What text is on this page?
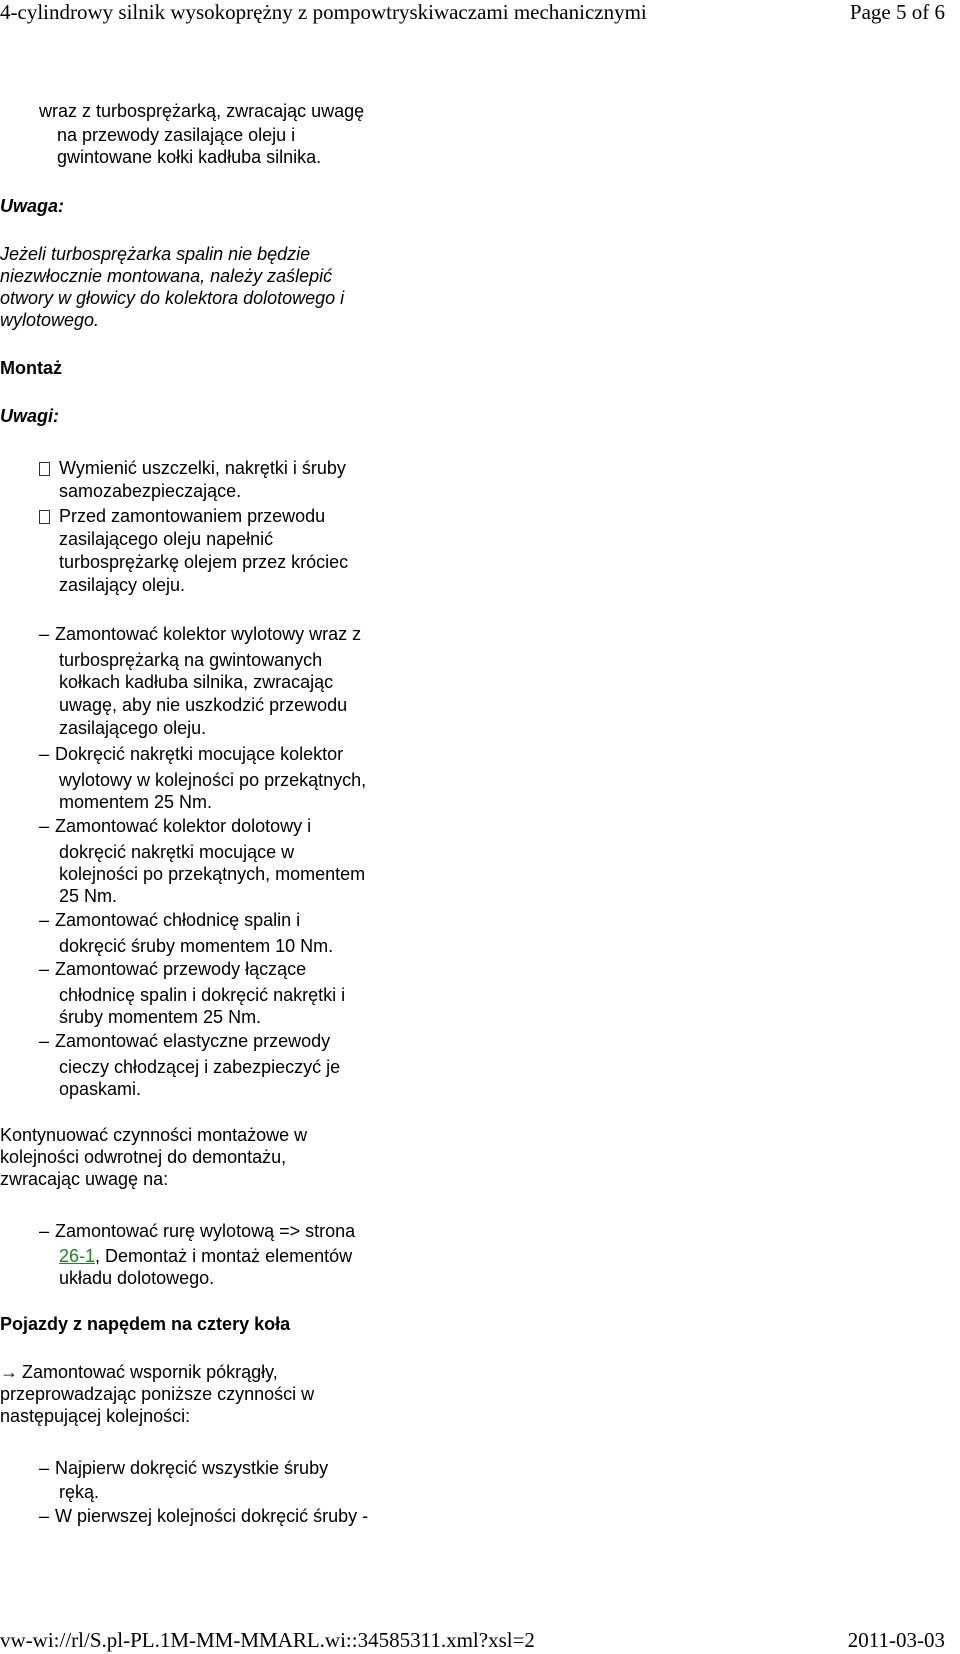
4-cylindrowy silnik wysokoprężny z pompowtryskiwaczami mechanicznymi	Page 5 of 6
vw-wi://rl/S.pl-PL.1M-MM-MMARL.wi::34585311.xml?xsl=2	2011-03-03
wraz z turbosprężarką, zwracając uwagę
na przewody zasilające oleju i
gwintowane kołki kadłuba silnika.
Uwaga:
Jeżeli turbosprężarka spalin nie będzie
niezwłocznie montowana, należy zaślepić
otwory w głowicy do kolektora dolotowego i
wylotowego.
Montaż
Uwagi:
Wymienić uszczelki, nakrętki i śruby
samozabezpieczające.
Przed zamontowaniem przewodu
zasilającego oleju napełnić
turbosprężarkę olejem przez króciec
zasilający oleju.
– Zamontować kolektor wylotowy wraz z
turbosprężarką na gwintowanych
kołkach kadłuba silnika, zwracając
uwagę, aby nie uszkodzić przewodu
zasilającego oleju.
– Dokręcić nakrętki mocujące kolektor
wylotowy w kolejności po przekątnych,
momentem 25 Nm.
– Zamontować kolektor dolotowy i
dokręcić nakrętki mocujące w
kolejności po przekątnych, momentem
25 Nm.
– Zamontować chłodnicę spalin i
dokręcić śruby momentem 10 Nm.
– Zamontować przewody łączące
chłodnicę spalin i dokręcić nakrętki i
śruby momentem 25 Nm.
– Zamontować elastyczne przewody
cieczy chłodzącej i zabezpieczyć je
opaskami.
Kontynuować czynności montażowe w
kolejności odwrotnej do demontażu,
zwracając uwagę na:
– Zamontować rurę wylotową => strona
26-1, Demontaż i montaż elementów
układu dolotowego.
Pojazdy z napędem na cztery koła
→ Zamontować wspornik pókrągły,
przeprowadzając poniższe czynności w
następującej kolejności:
– Najpierw dokręcić wszystkie śruby
ręką.
– W pierwszej kolejności dokręcić śruby -
